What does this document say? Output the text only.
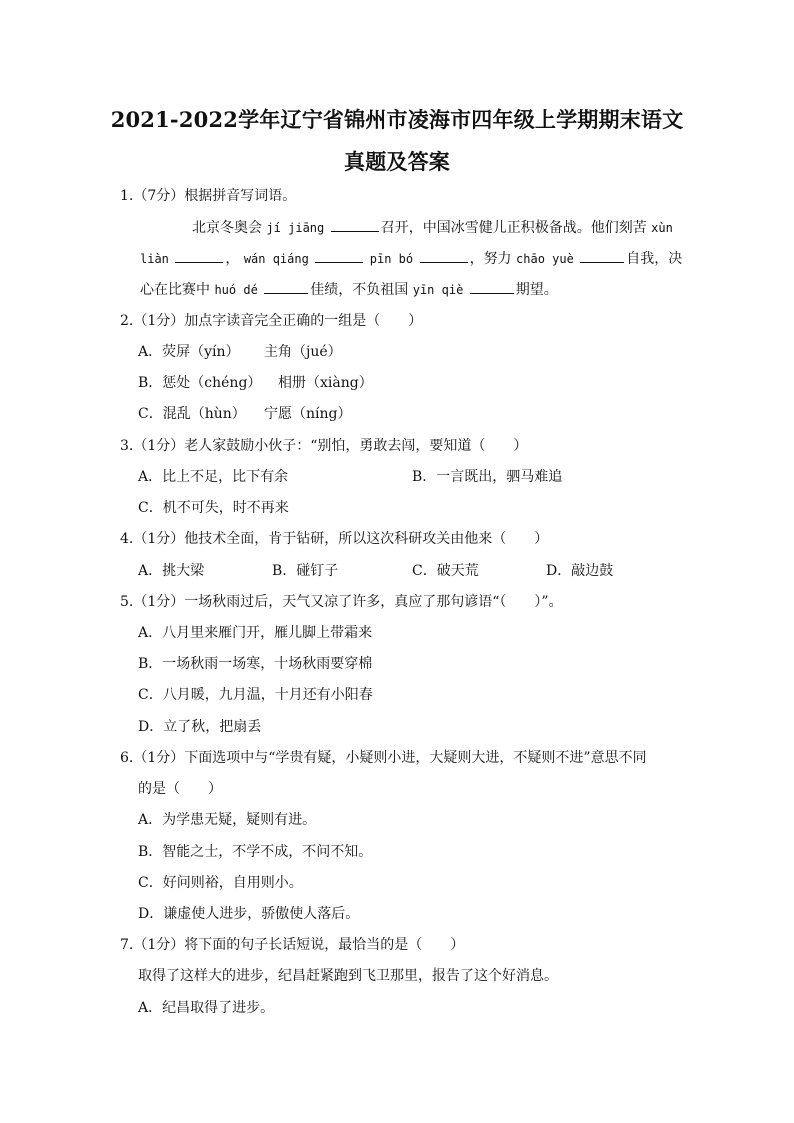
2021-2022学年辽宁省锦州市凌海市四年级上学期期末语文
真题及答案
1.（7分）根据拼音写词语。
北京冬奥会 jí jiāng	召开，中国冰雪健儿正积极备战。他们刻苦 xùn
liàn	， wán qiáng	pīn bó	，努力 chāo yuè	自我，决
心在比赛中 huó dé	佳绩，不负祖国 yīn qiè	期望。
2.（1分）加点字读音完全正确的一组是（　　）
A．荧屏（yín） 主角（jué）
B．惩处（chéng） 相册（xiàng）
C．混乱（hùn） 宁愿（níng）
3.（1分）老人家鼓励小伙子：“别怕，勇敢去闯，要知道（　　）
A．比上不足，比下有余	B．一言既出，驷马难追
C．机不可失，时不再来
4.（1分）他技术全面，肯于钻研，所以这次科研攻关由他来（　　）
A．挑大梁	B．碰钉子	C．破天荒	D．敲边鼓
5.（1分）一场秋雨过后，天气又凉了许多，真应了那句谚语“（　　）”。
A．八月里来雁门开，雁儿脚上带霜来
B．一场秋雨一场寒，十场秋雨要穿棉
C．八月暖，九月温，十月还有小阳春
D．立了秋，把扇丢
6.（1分）下面选项中与“学贵有疑，小疑则小进，大疑则大进，不疑则不进”意思不同
的是（　　）
A．为学患无疑，疑则有进。
B．智能之士，不学不成，不问不知。
C．好问则裕，自用则小。
D．谦虚使人进步，骄傲使人落后。
7.（1分）将下面的句子长话短说，最恰当的是（　　）
取得了这样大的进步，纪昌赶紧跑到飞卫那里，报告了这个好消息。
A．纪昌取得了进步。
